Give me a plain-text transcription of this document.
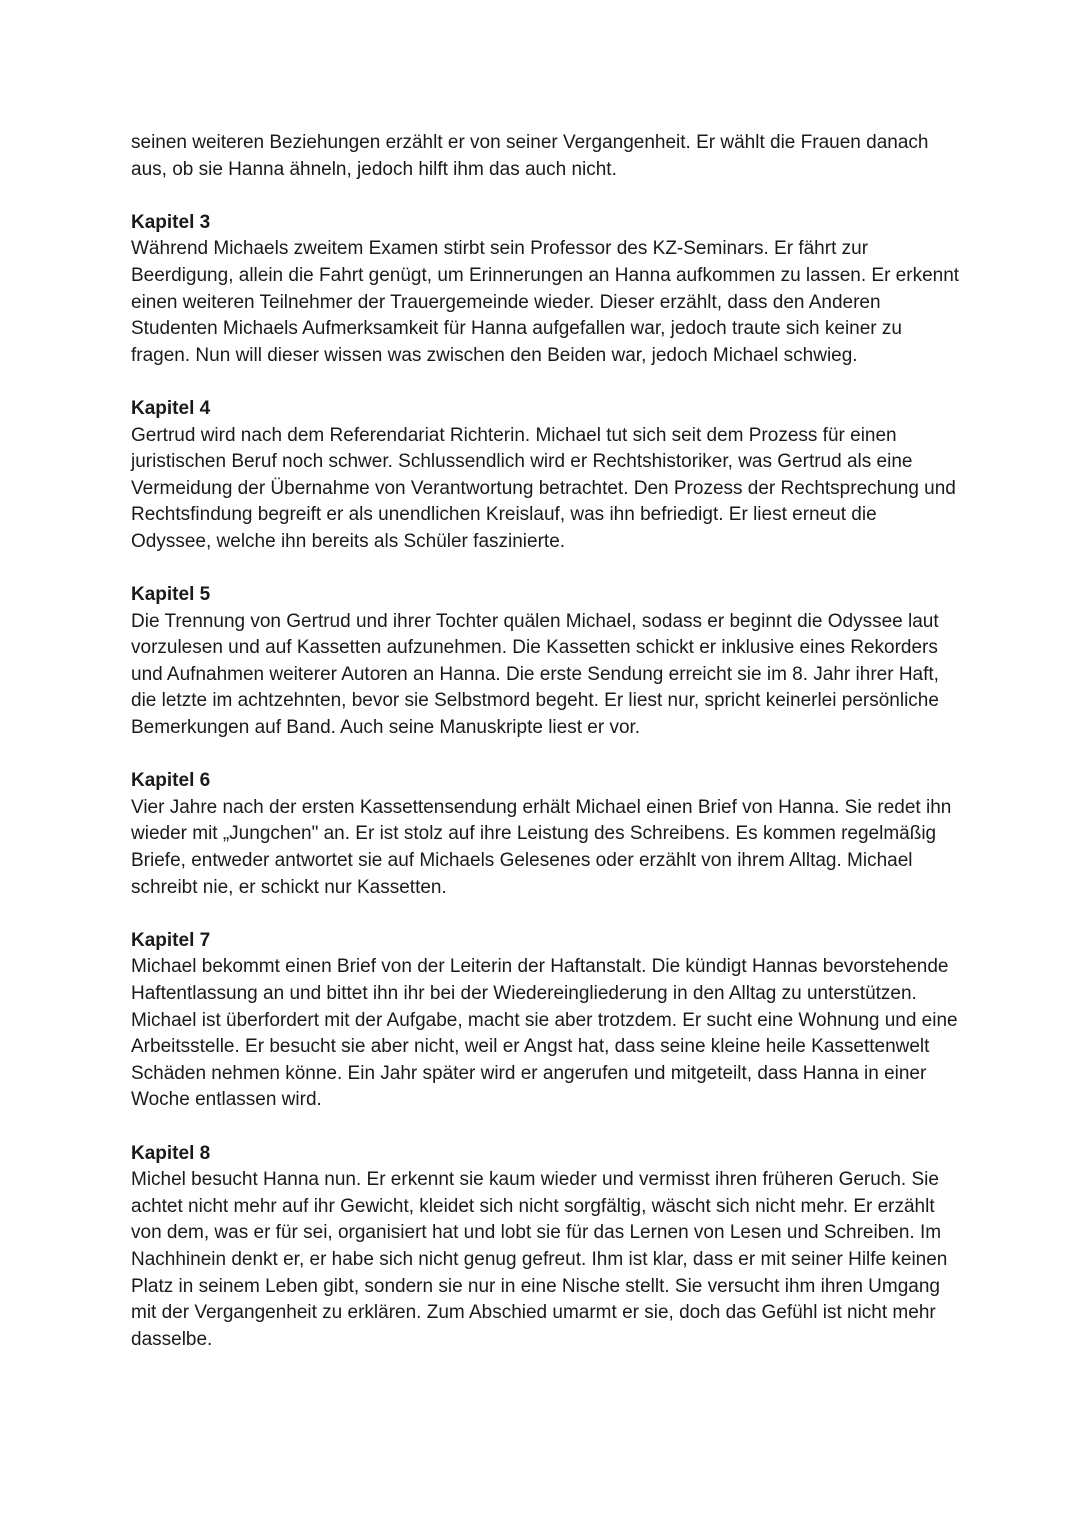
seinen weiteren Beziehungen erzählt er von seiner Vergangenheit. Er wählt die Frauen danach aus, ob sie Hanna ähneln, jedoch hilft ihm das auch nicht.

Kapitel 3

Während Michaels zweitem Examen stirbt sein Professor des KZ-Seminars. Er fährt zur Beerdigung, allein die Fahrt genügt, um Erinnerungen an Hanna aufkommen zu lassen. Er erkennt einen weiteren Teilnehmer der Trauergemeinde wieder. Dieser erzählt, dass den Anderen Studenten Michaels Aufmerksamkeit für Hanna aufgefallen war, jedoch traute sich keiner zu fragen. Nun will dieser wissen was zwischen den Beiden war, jedoch Michael schwieg.

Kapitel 4

Gertrud wird nach dem Referendariat Richterin. Michael tut sich seit dem Prozess für einen juristischen Beruf noch schwer. Schlussendlich wird er Rechtshistoriker, was Gertrud als eine Vermeidung der Übernahme von Verantwortung betrachtet. Den Prozess der Rechtsprechung und Rechtsfindung begreift er als unendlichen Kreislauf, was ihn befriedigt. Er liest erneut die Odyssee, welche ihn bereits als Schüler faszinierte.

Kapitel 5

Die Trennung von Gertrud und ihrer Tochter quälen Michael, sodass er beginnt die Odyssee laut vorzulesen und auf Kassetten aufzunehmen. Die Kassetten schickt er inklusive eines Rekorders und Aufnahmen weiterer Autoren an Hanna. Die erste Sendung erreicht sie im 8. Jahr ihrer Haft, die letzte im achtzehnten, bevor sie Selbstmord begeht. Er liest nur, spricht keinerlei persönliche Bemerkungen auf Band. Auch seine Manuskripte liest er vor.

Kapitel 6

Vier Jahre nach der ersten Kassettensendung erhält Michael einen Brief von Hanna. Sie redet ihn wieder mit „Jungchen" an. Er ist stolz auf ihre Leistung des Schreibens. Es kommen regelmäßig Briefe, entweder antwortet sie auf Michaels Gelesenes oder erzählt von ihrem Alltag. Michael schreibt nie, er schickt nur Kassetten.

Kapitel 7

Michael bekommt einen Brief von der Leiterin der Haftanstalt. Die kündigt Hannas bevorstehende Haftentlassung an und bittet ihn ihr bei der Wiedereingliederung in den Alltag zu unterstützen. Michael ist überfordert mit der Aufgabe, macht sie aber trotzdem. Er sucht eine Wohnung und eine Arbeitsstelle. Er besucht sie aber nicht, weil er Angst hat, dass seine kleine heile Kassettenwelt Schäden nehmen könne. Ein Jahr später wird er angerufen und mitgeteilt, dass Hanna in einer Woche entlassen wird.

Kapitel 8

Michel besucht Hanna nun. Er erkennt sie kaum wieder und vermisst ihren früheren Geruch. Sie achtet nicht mehr auf ihr Gewicht, kleidet sich nicht sorgfältig, wäscht sich nicht mehr. Er erzählt von dem, was er für sei, organisiert hat und lobt sie für das Lernen von Lesen und Schreiben. Im Nachhinein denkt er, er habe sich nicht genug gefreut. Ihm ist klar, dass er mit seiner Hilfe keinen Platz in seinem Leben gibt, sondern sie nur in eine Nische stellt. Sie versucht ihm ihren Umgang mit der Vergangenheit zu erklären. Zum Abschied umarmt er sie, doch das Gefühl ist nicht mehr dasselbe.
